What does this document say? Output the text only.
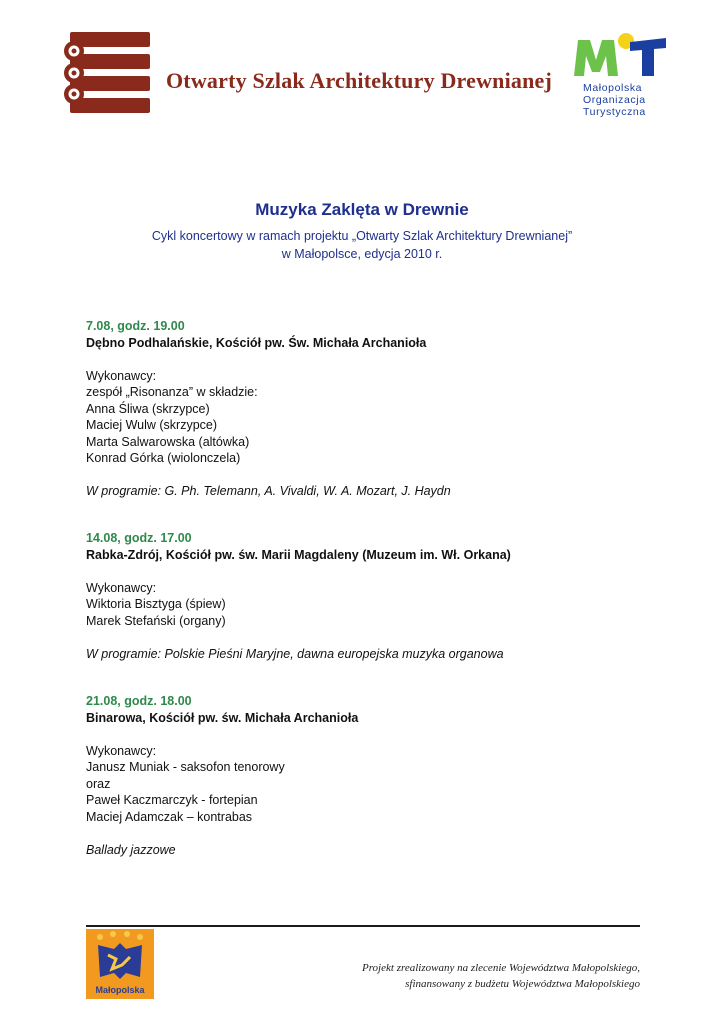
Otwarty Szlak Architektury Drewnianej	Małopolska
Organizacja
Turystyczna
Muzyka Zaklęta w Drewnie
Cykl koncertowy w ramach projektu „Otwarty Szlak Architektury Drewnianej”
w Małopolsce, edycja 2010 r.
7.08, godz. 19.00
Dębno Podhalańskie, Kościół pw. Św. Michała Archanioła
Wykonawcy:
zespół „Risonanza” w składzie:
Anna Śliwa (skrzypce)
Maciej Wulw (skrzypce)
Marta Salwarowska (altówka)
Konrad Górka (wiolonczela)
W programie: G. Ph. Telemann, A. Vivaldi, W. A. Mozart, J. Haydn
14.08, godz. 17.00
Rabka-Zdrój, Kościół pw. św. Marii Magdaleny (Muzeum im. Wł. Orkana)
Wykonawcy:
Wiktoria Bisztyga (śpiew)
Marek Stefański (organy)
W programie: Polskie Pieśni Maryjne, dawna europejska muzyka organowa
21.08, godz. 18.00
Binarowa, Kościół pw. św. Michała Archanioła
Wykonawcy:
Janusz Muniak - saksofon tenorowy
oraz
Paweł Kaczmarczyk - fortepian
Maciej Adamczak – kontrabas
Ballady jazzowe
Małopolska
Projekt zrealizowany na zlecenie Województwa Małopolskiego,
sfinansowany z budżetu Województwa Małopolskiego
